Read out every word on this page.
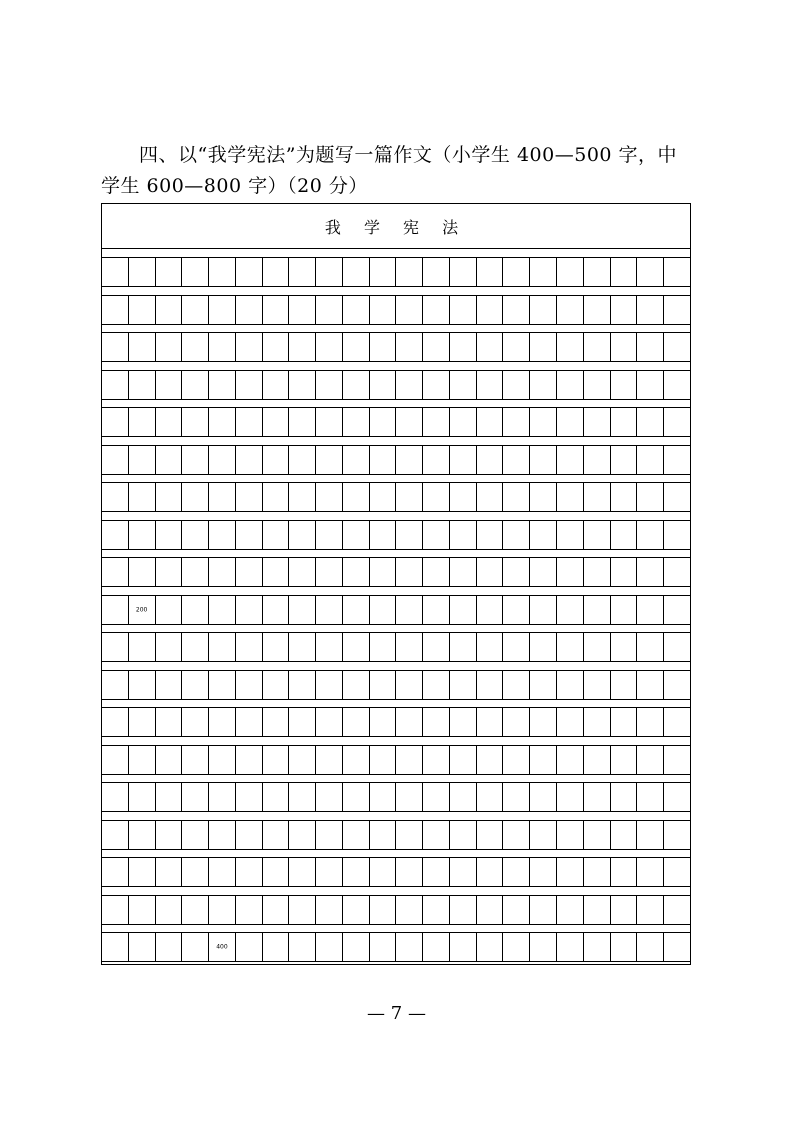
四、以“我学宪法”为题写一篇作文（小学生 400—500 字，中学生 600—800 字）（20 分）

我 学 宪 法
200
400
— 7 —
